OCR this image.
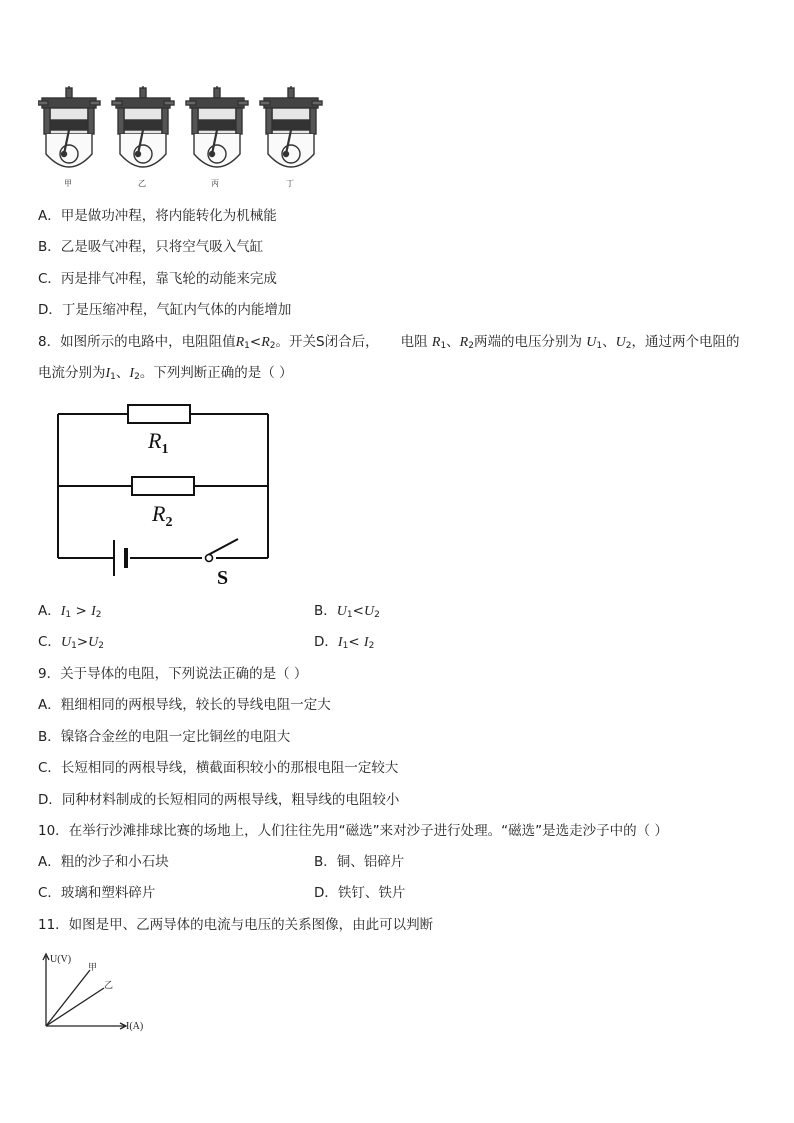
甲	乙	丙	丁
A．甲是做功冲程，将内能转化为机械能
B．乙是吸气冲程，只将空气吸入气缸
C．丙是排气冲程，靠飞轮的动能来完成
D．丁是压缩冲程，气缸内气体的内能增加
8．如图所示的电路中，电阻阻值$R_1<R_2$。开关S闭合后， 电阻 $R_1$、$R_2$两端的电压分别为 $U_1$、$U_2$，通过两个电阻的
电流分别为$I_1$、$I_2$。下列判断正确的是（ ）
$R_1$
$R_2$
S
A．$I_1 > I_2$	B．$U_1<U_2$
C．$U_1>U_2$	D．$I_1< I_2$
9．关于导体的电阻，下列说法正确的是（ ）
A．粗细相同的两根导线，较长的导线电阻一定大
B．镍铬合金丝的电阻一定比铜丝的电阻大
C．长短相同的两根导线，横截面积较小的那根电阻一定较大
D．同种材料制成的长短相同的两根导线，粗导线的电阻较小
10．在举行沙滩排球比赛的场地上，人们往往先用“磁选”来对沙子进行处理。“磁选”是选走沙子中的（ ）
A．粗的沙子和小石块	B．铜、铝碎片
C．玻璃和塑料碎片	D．铁钉、铁片
11．如图是甲、乙两导体的电流与电压的关系图像，由此可以判断
U(V)
I(A)
甲
乙
